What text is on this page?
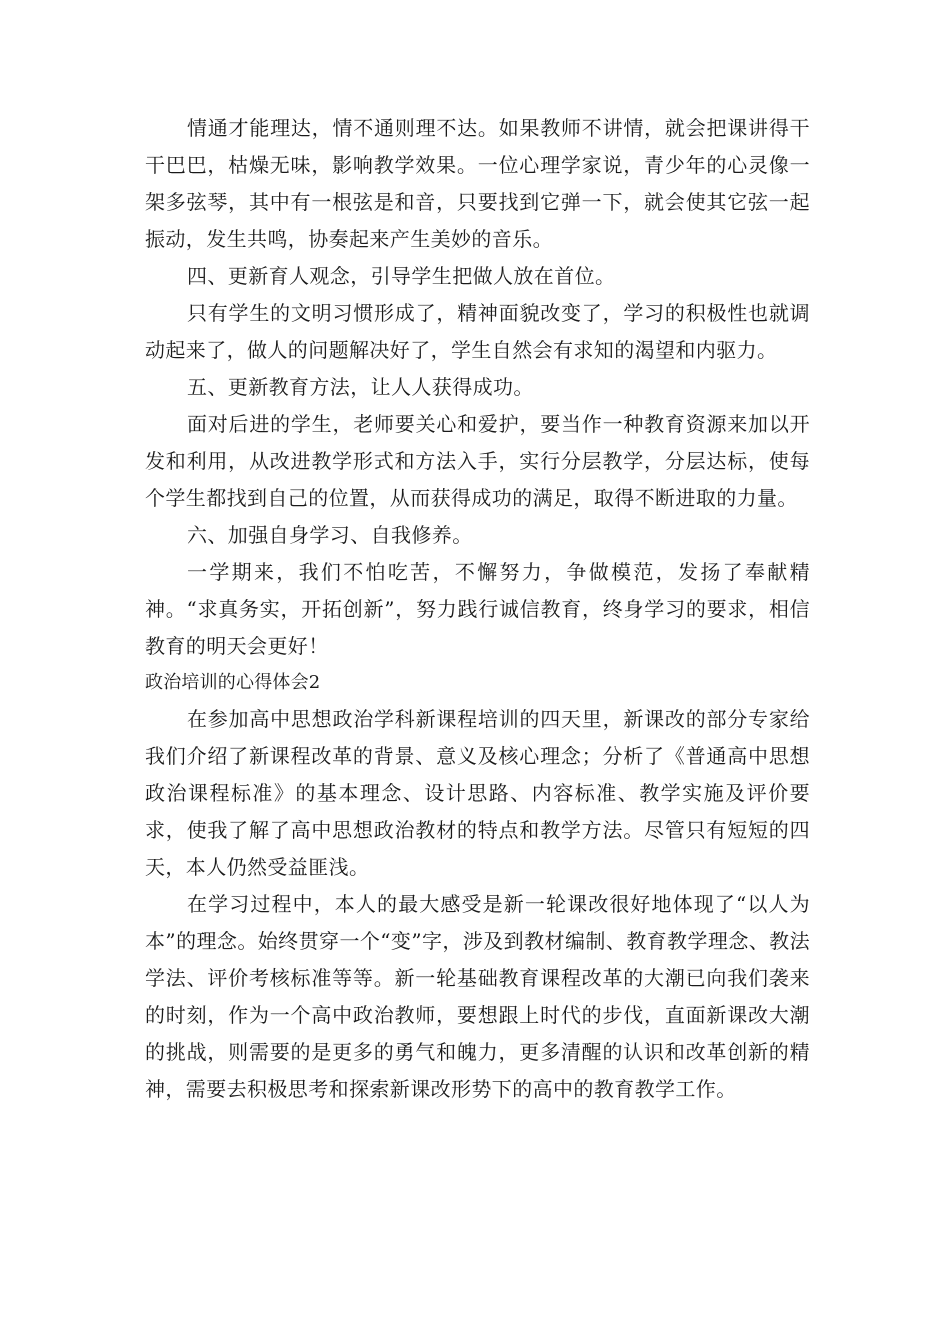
情通才能理达，情不通则理不达。如果教师不讲情，就会把课讲得干干巴巴，枯燥无味，影响教学效果。一位心理学家说，青少年的心灵像一架多弦琴，其中有一根弦是和音，只要找到它弹一下，就会使其它弦一起振动，发生共鸣，协奏起来产生美妙的音乐。

四、更新育人观念，引导学生把做人放在首位。

只有学生的文明习惯形成了，精神面貌改变了，学习的积极性也就调动起来了，做人的问题解决好了，学生自然会有求知的渴望和内驱力。

五、更新教育方法，让人人获得成功。

面对后进的学生，老师要关心和爱护，要当作一种教育资源来加以开发和利用，从改进教学形式和方法入手，实行分层教学，分层达标，使每个学生都找到自己的位置，从而获得成功的满足，取得不断进取的力量。

六、加强自身学习、自我修养。

一学期来，我们不怕吃苦，不懈努力，争做模范，发扬了奉献精神。“求真务实，开拓创新”，努力践行诚信教育，终身学习的要求，相信教育的明天会更好！

政治培训的心得体会2

在参加高中思想政治学科新课程培训的四天里，新课改的部分专家给我们介绍了新课程改革的背景、意义及核心理念；分析了《普通高中思想政治课程标准》的基本理念、设计思路、内容标准、教学实施及评价要求，使我了解了高中思想政治教材的特点和教学方法。尽管只有短短的四天，本人仍然受益匪浅。

在学习过程中，本人的最大感受是新一轮课改很好地体现了“以人为本”的理念。始终贯穿一个“变”字，涉及到教材编制、教育教学理念、教法学法、评价考核标准等等。新一轮基础教育课程改革的大潮已向我们袭来的时刻，作为一个高中政治教师，要想跟上时代的步伐，直面新课改大潮的挑战，则需要的是更多的勇气和魄力，更多清醒的认识和改革创新的精神，需要去积极思考和探索新课改形势下的高中的教育教学工作。
